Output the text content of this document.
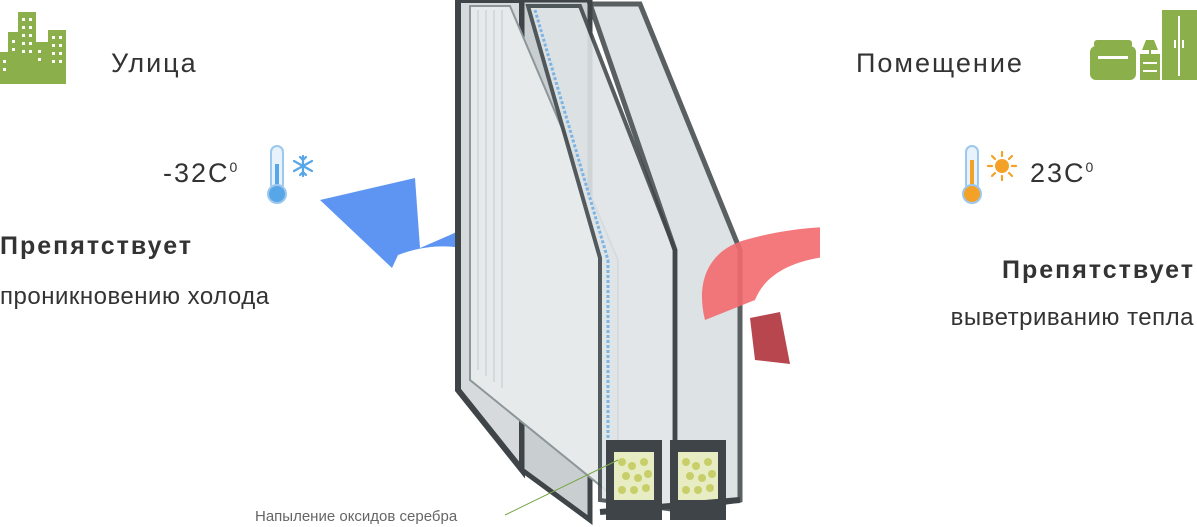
Улица
$-32C^0$
Препятствует
проникновению холода
Напыление оксидов серебра
Помещение
$23C^0$
Препятствует
выветриванию тепла
